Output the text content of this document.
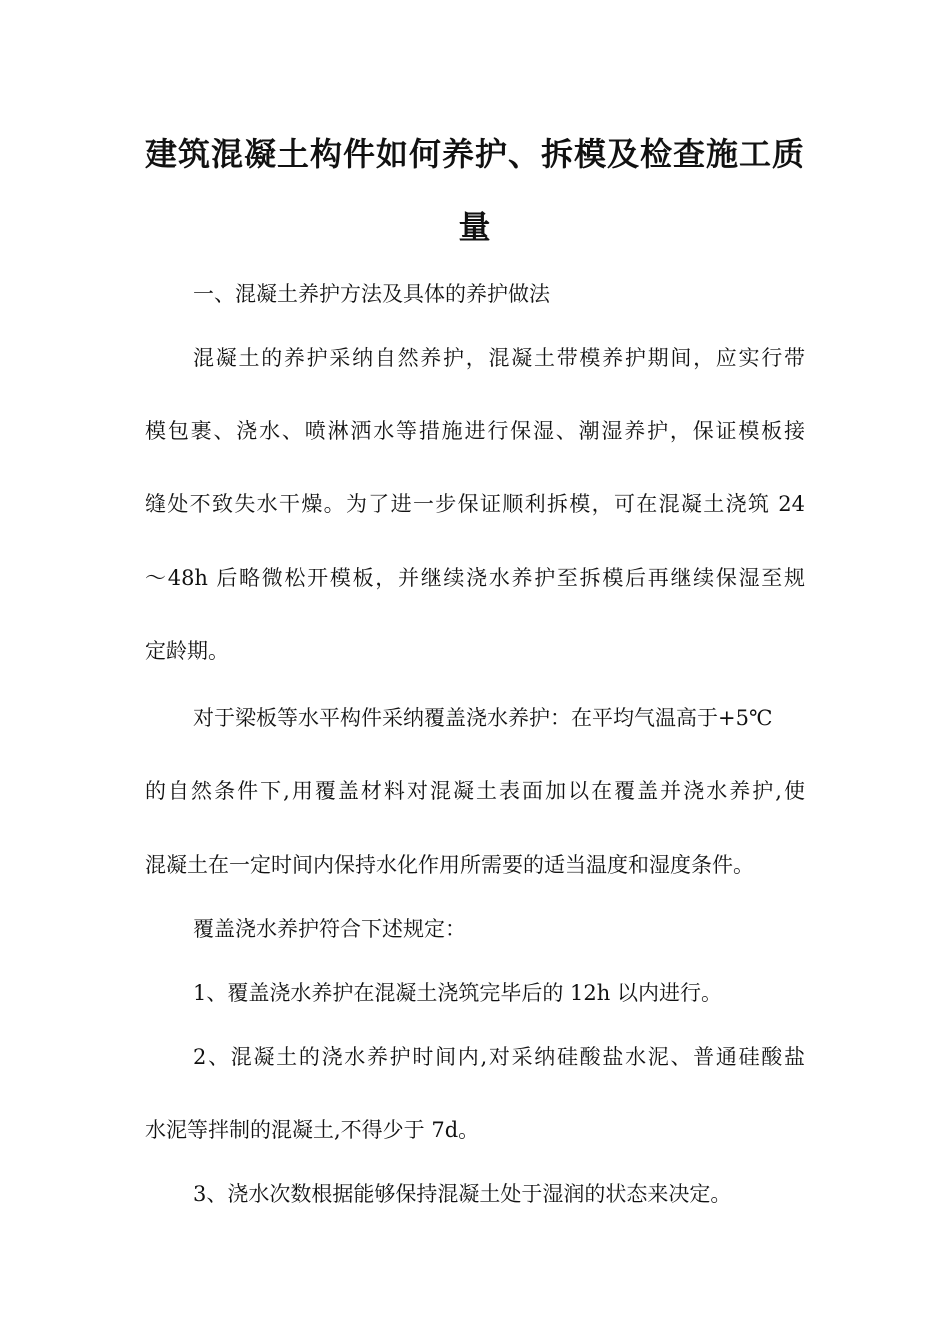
建筑混凝土构件如何养护、拆模及检查施工质
量
一、混凝土养护方法及具体的养护做法
混凝土的养护采纳自然养护，混凝土带模养护期间，应实行带
模包裹、浇水、喷淋洒水等措施进行保湿、潮湿养护，保证模板接
缝处不致失水干燥。为了进一步保证顺利拆模，可在混凝土浇筑 24
～48h 后略微松开模板，并继续浇水养护至拆模后再继续保湿至规
定龄期。
对于梁板等水平构件采纳覆盖浇水养护：在平均气温高于+5℃
的自然条件下,用覆盖材料对混凝土表面加以在覆盖并浇水养护,使
混凝土在一定时间内保持水化作用所需要的适当温度和湿度条件。
覆盖浇水养护符合下述规定：
1、覆盖浇水养护在混凝土浇筑完毕后的 12h 以内进行。
2、混凝土的浇水养护时间内,对采纳硅酸盐水泥、普通硅酸盐
水泥等拌制的混凝土,不得少于 7d。
3、浇水次数根据能够保持混凝土处于湿润的状态来决定。
